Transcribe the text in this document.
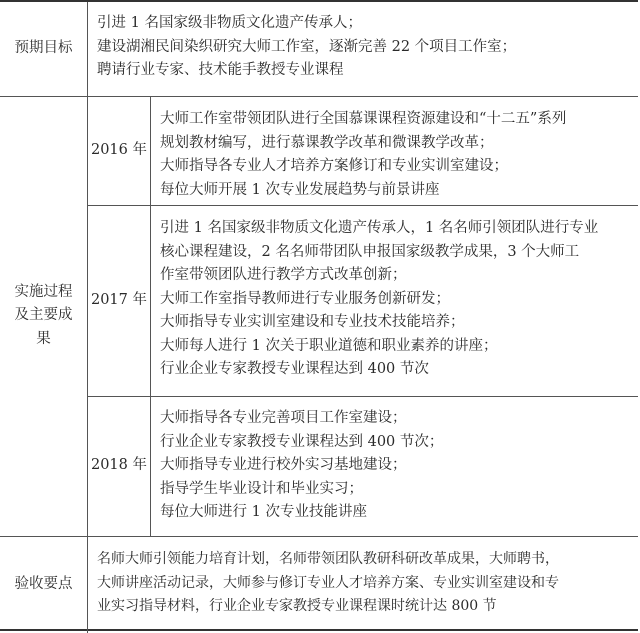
预期目标
引进 1 名国家级非物质文化遗产传承人；
建设湖湘民间染织研究大师工作室，逐渐完善 22 个项目工作室；
聘请行业专家、技术能手教授专业课程
实施过程
及主要成
果
2016 年
大师工作室带领团队进行全国慕课课程资源建设和“十二五”系列
规划教材编写，进行慕课教学改革和微课教学改革；
大师指导各专业人才培养方案修订和专业实训室建设；
每位大师开展 1 次专业发展趋势与前景讲座
2017 年
引进 1 名国家级非物质文化遗产传承人，1 名名师引领团队进行专业
核心课程建设，2 名名师带团队申报国家级教学成果，3 个大师工
作室带领团队进行教学方式改革创新；
大师工作室指导教师进行专业服务创新研发；
大师指导专业实训室建设和专业技术技能培养；
大师每人进行 1 次关于职业道德和职业素养的讲座；
行业企业专家教授专业课程达到 400 节次
2018 年
大师指导各专业完善项目工作室建设；
行业企业专家教授专业课程达到 400 节次；
大师指导专业进行校外实习基地建设；
指导学生毕业设计和毕业实习；
每位大师进行 1 次专业技能讲座
验收要点
名师大师引领能力培育计划，名师带领团队教研科研改革成果，大师聘书，
大师讲座活动记录，大师参与修订专业人才培养方案、专业实训室建设和专
业实习指导材料，行业企业专家教授专业课程课时统计达 800 节
